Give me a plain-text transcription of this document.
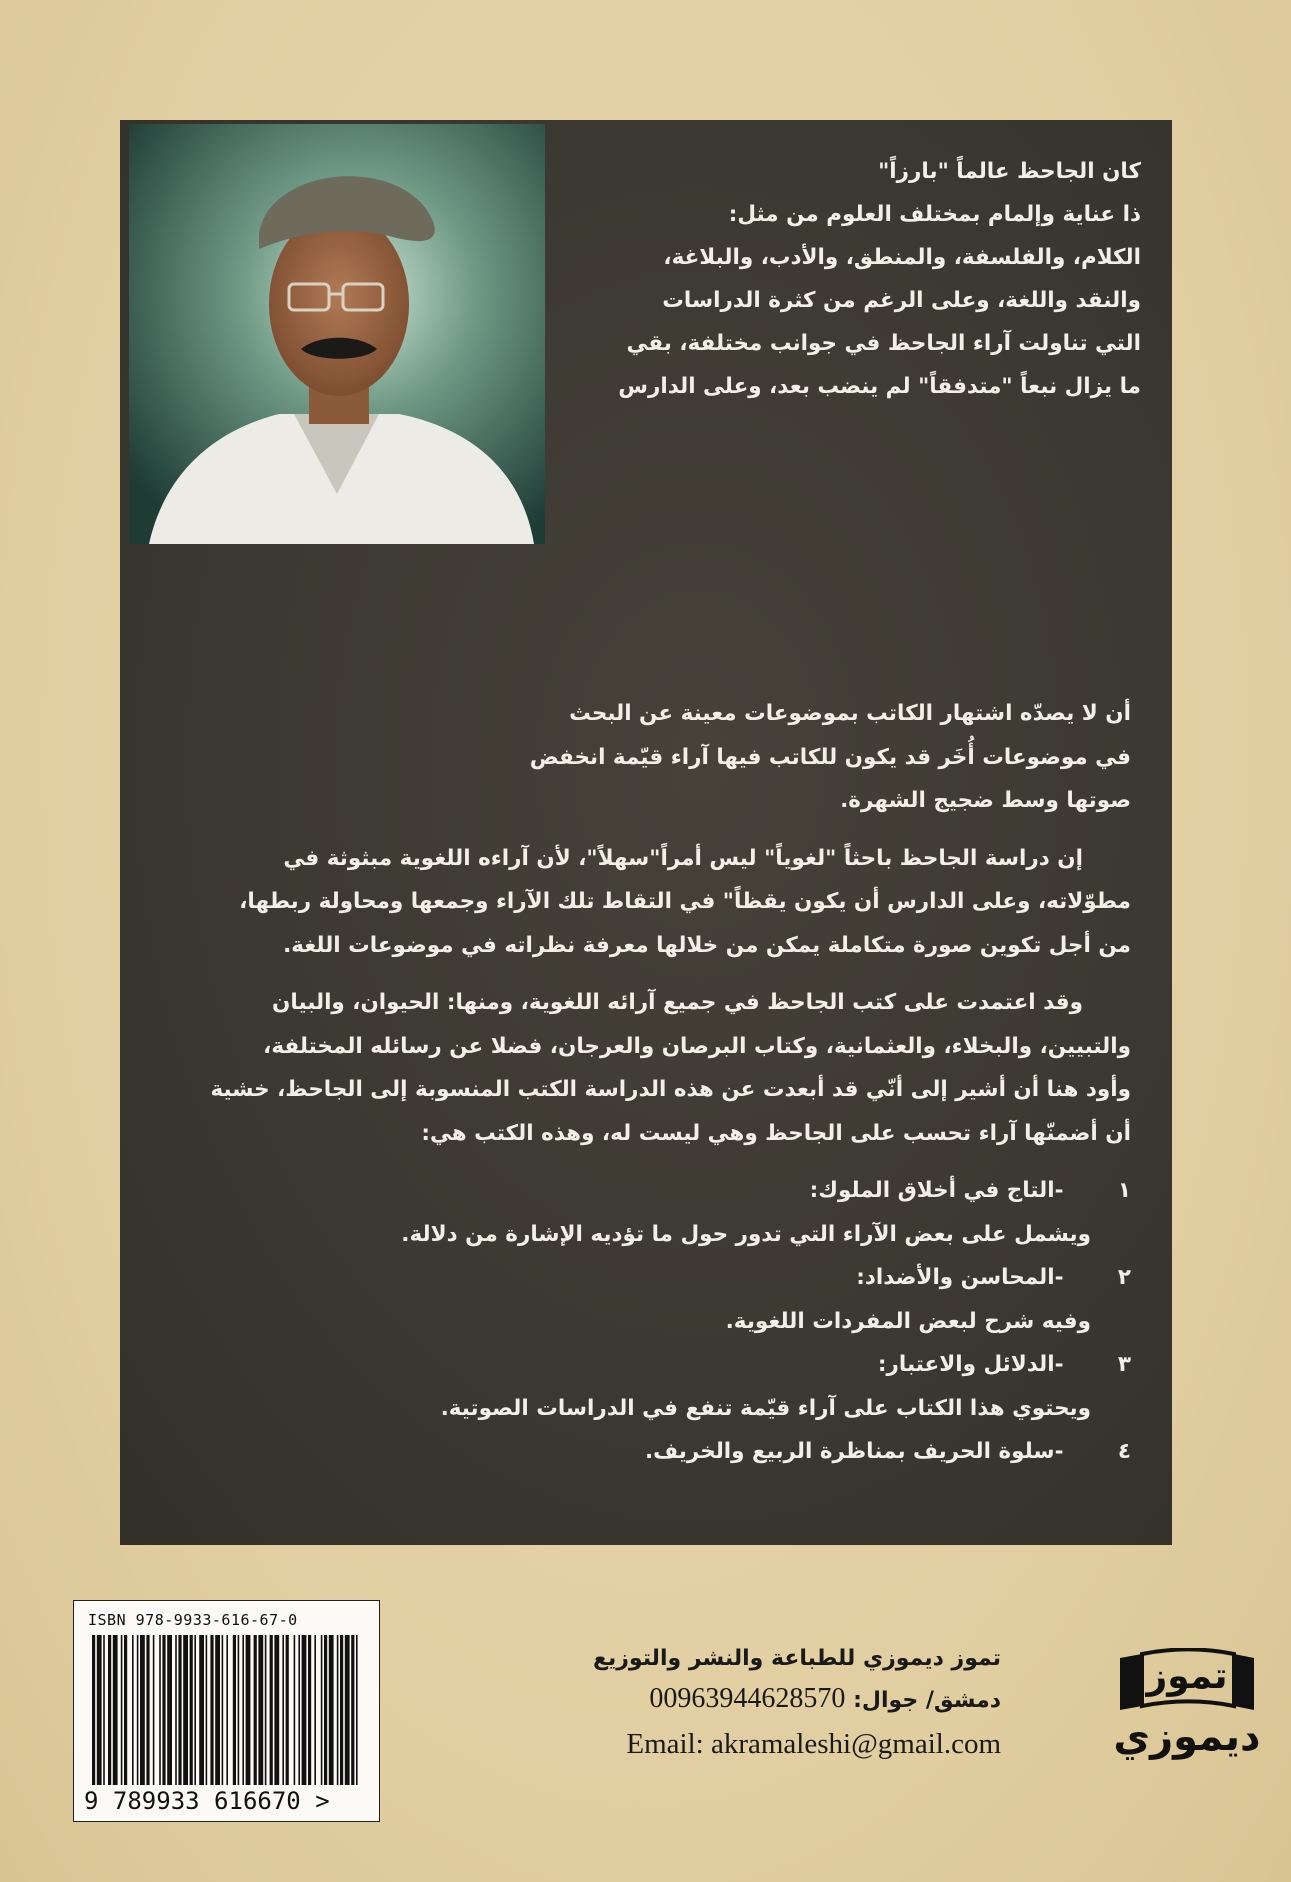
كان الجاحظ عالماً "بارزاً"
ذا عناية وإلمام بمختلف العلوم من مثل:
الكلام، والفلسفة، والمنطق، والأدب، والبلاغة،
والنقد واللغة، وعلى الرغم من كثرة الدراسات
التي تناولت آراء الجاحظ في جوانب مختلفة، بقي
ما يزال نبعاً "متدفقاً" لم ينضب بعد، وعلى الدارس
أن لا يصدّه اشتهار الكاتب بموضوعات معينة عن البحث
في موضوعات أُخَر قد يكون للكاتب فيها آراء قيّمة انخفض
صوتها وسط ضجيج الشهرة.
إن دراسة الجاحظ باحثاً "لغوياً" ليس أمراً"سهلاً"، لأن آراءه اللغوية مبثوثة في
مطوّلاته، وعلى الدارس أن يكون يقظاً" في التقاط تلك الآراء وجمعها ومحاولة ربطها،
من أجل تكوين صورة متكاملة يمكن من خلالها معرفة نظراته في موضوعات اللغة.
وقد اعتمدت على كتب الجاحظ في جميع آرائه اللغوية، ومنها: الحيوان، والبيان
والتبيين، والبخلاء، والعثمانية، وكتاب البرصان والعرجان، فضلا عن رسائله المختلفة،
وأود هنا أن أشير إلى أنّي قد أبعدت عن هذه الدراسة الكتب المنسوبة إلى الجاحظ، خشية
أن أضمنّها آراء تحسب على الجاحظ وهي ليست له، وهذه الكتب هي:
١ -التاج في أخلاق الملوك:
ويشمل على بعض الآراء التي تدور حول ما تؤديه الإشارة من دلالة.
٢ -المحاسن والأضداد:
وفيه شرح لبعض المفردات اللغوية.
٣ -الدلائل والاعتبار:
ويحتوي هذا الكتاب على آراء قيّمة تنفع في الدراسات الصوتية.
٤ -سلوة الحريف بمناظرة الربيع والخريف.
ISBN 978-9933-616-67-0
9 789933 616670 >
تموز ديموزي للطباعة والنشر والتوزيع
دمشق/ جوال: 00963944628570
Email: akramaleshi@gmail.com
تموز
ديموزي
